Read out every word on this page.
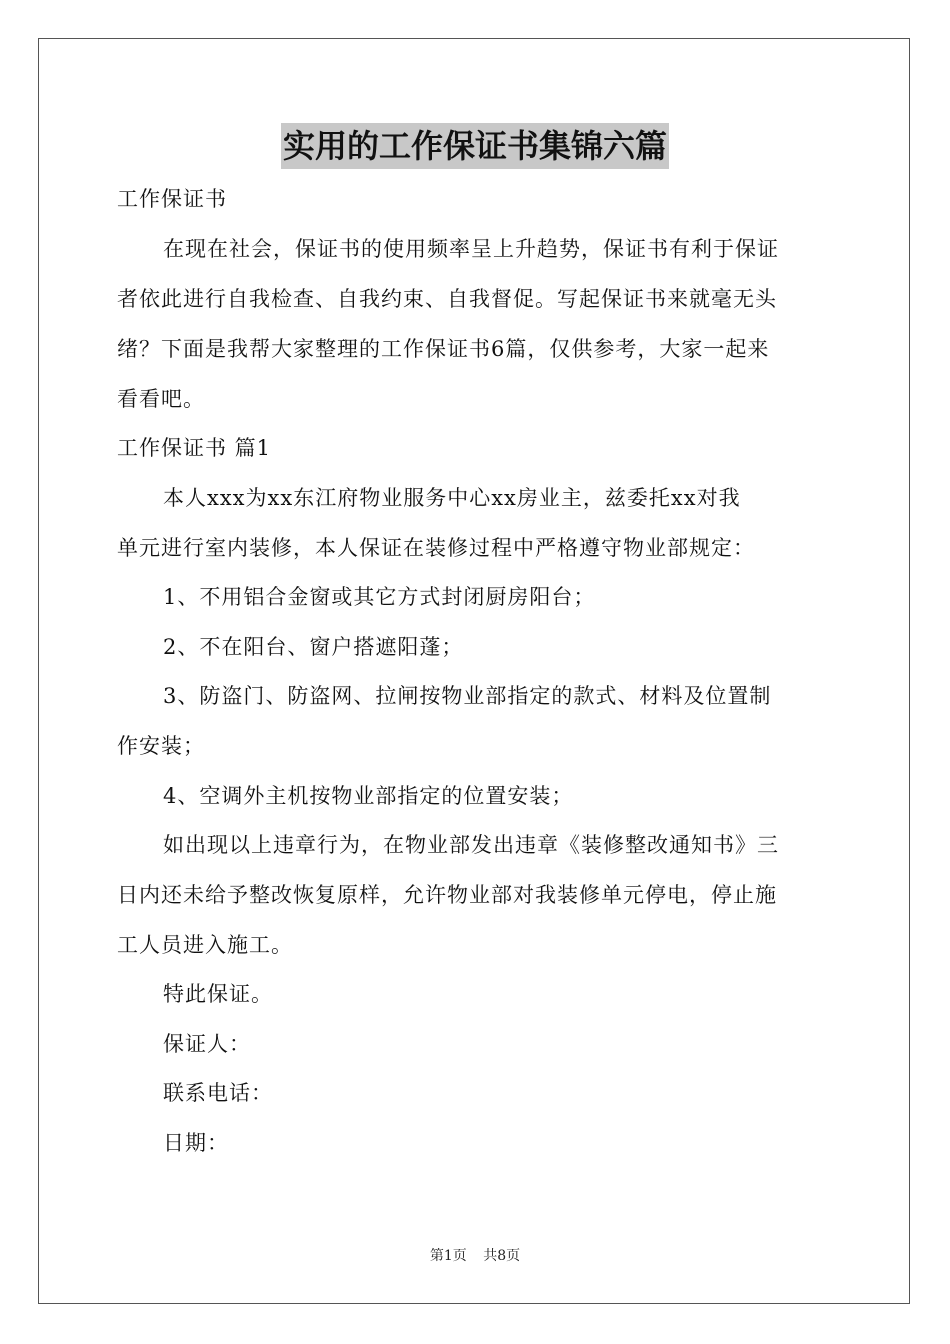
实用的工作保证书集锦六篇
工作保证书
在现在社会，保证书的使用频率呈上升趋势，保证书有利于保证
者依此进行自我检查、自我约束、自我督促。写起保证书来就毫无头
绪？下面是我帮大家整理的工作保证书6篇，仅供参考，大家一起来
看看吧。
工作保证书 篇1
本人xxx为xx东江府物业服务中心xx房业主，兹委托xx对我
单元进行室内装修，本人保证在装修过程中严格遵守物业部规定：
1、不用铝合金窗或其它方式封闭厨房阳台；
2、不在阳台、窗户搭遮阳蓬；
3、防盗门、防盗网、拉闸按物业部指定的款式、材料及位置制
作安装；
4、空调外主机按物业部指定的位置安装；
如出现以上违章行为，在物业部发出违章《装修整改通知书》三
日内还未给予整改恢复原样，允许物业部对我装修单元停电，停止施
工人员进入施工。
特此保证。
保证人：
联系电话：
日期：
第1页 共8页
